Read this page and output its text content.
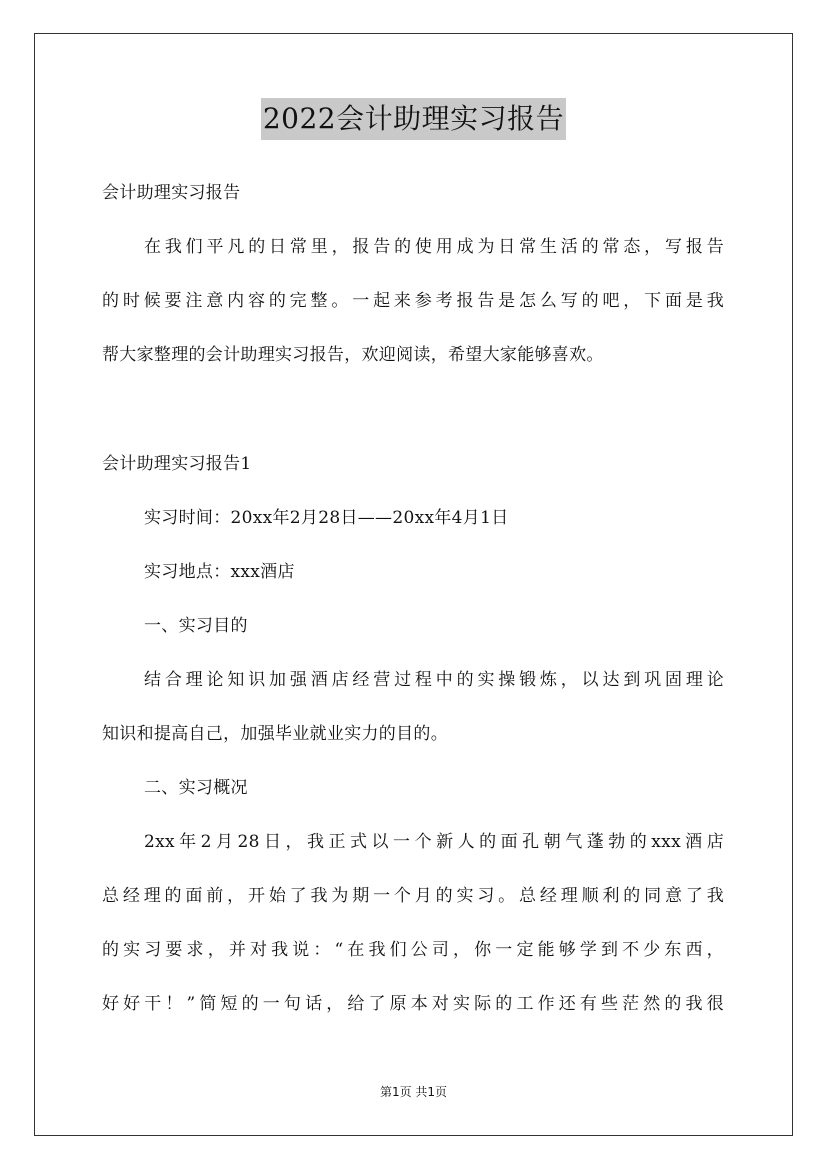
2022会计助理实习报告
会计助理实习报告
在我们平凡的日常里，报告的使用成为日常生活的常态，写报告
的时候要注意内容的完整。一起来参考报告是怎么写的吧，下面是我
帮大家整理的会计助理实习报告，欢迎阅读，希望大家能够喜欢。
会计助理实习报告1
实习时间：20xx年2月28日——20xx年4月1日
实习地点：xxx酒店
一、实习目的
结合理论知识加强酒店经营过程中的实操锻炼，以达到巩固理论
知识和提高自己，加强毕业就业实力的目的。
二、实习概况
2xx年2月28日，我正式以一个新人的面孔朝气蓬勃的xxx酒店
总经理的面前，开始了我为期一个月的实习。总经理顺利的同意了我
的实习要求，并对我说：“在我们公司，你一定能够学到不少东西，
好好干！”简短的一句话，给了原本对实际的工作还有些茫然的我很
第1页 共1页
